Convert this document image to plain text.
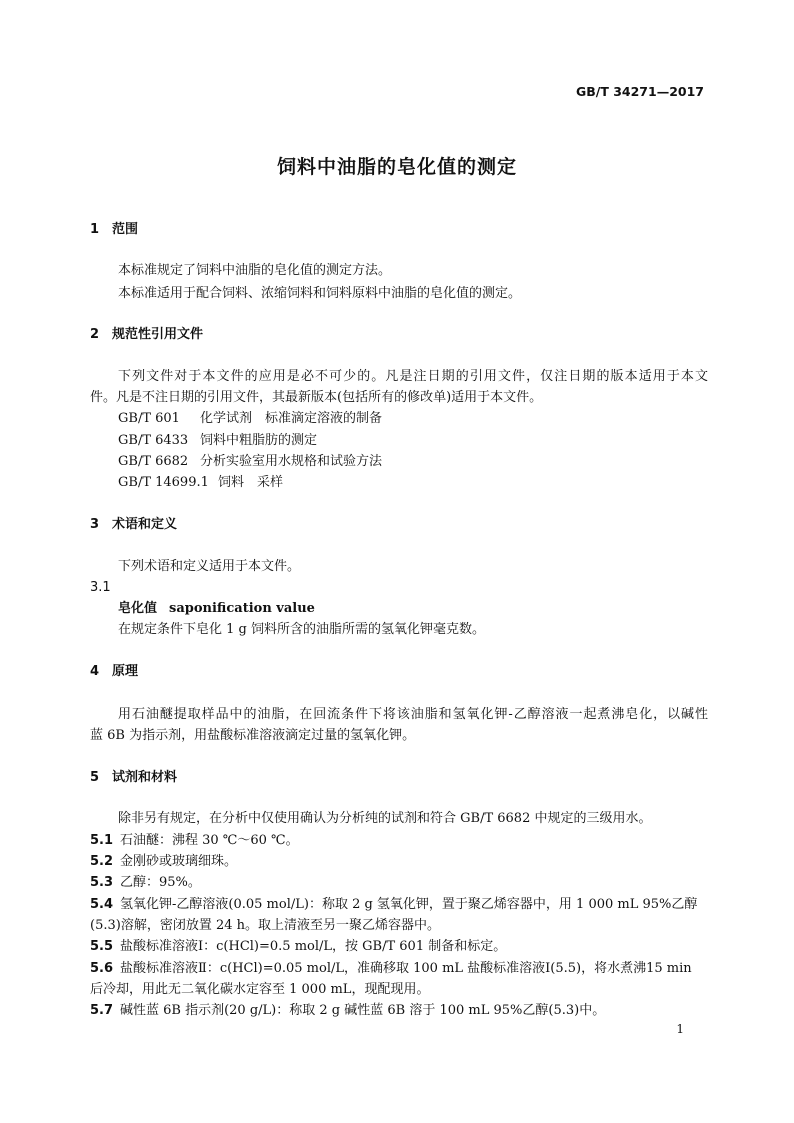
GB/T 34271—2017
饲料中油脂的皂化值的测定
1 范围
本标准规定了饲料中油脂的皂化值的测定方法。
本标准适用于配合饲料、浓缩饲料和饲料原料中油脂的皂化值的测定。
2 规范性引用文件
下列文件对于本文件的应用是必不可少的。凡是注日期的引用文件，仅注日期的版本适用于本文
件。凡是不注日期的引用文件，其最新版本(包括所有的修改单)适用于本文件。
GB/T 601 化学试剂　标准滴定溶液的制备
GB/T 6433 饲料中粗脂肪的测定
GB/T 6682 分析实验室用水规格和试验方法
GB/T 14699.1 饲料　采样
3 术语和定义
下列术语和定义适用于本文件。
3.1
皂化值 saponification value
在规定条件下皂化 1 g 饲料所含的油脂所需的氢氧化钾毫克数。
4 原理
用石油醚提取样品中的油脂，在回流条件下将该油脂和氢氧化钾-乙醇溶液一起煮沸皂化，以碱性
蓝 6B 为指示剂，用盐酸标准溶液滴定过量的氢氧化钾。
5 试剂和材料
除非另有规定，在分析中仅使用确认为分析纯的试剂和符合 GB/T 6682 中规定的三级用水。
5.1 石油醚：沸程 30 ℃～60 ℃。
5.2 金刚砂或玻璃细珠。
5.3 乙醇：95%。
5.4 氢氧化钾-乙醇溶液(0.05 mol/L)：称取 2 g 氢氧化钾，置于聚乙烯容器中，用 1 000 mL 95%乙醇
(5.3)溶解，密闭放置 24 h。取上清液至另一聚乙烯容器中。
5.5 盐酸标准溶液Ⅰ：c(HCl)=0.5 mol/L，按 GB/T 601 制备和标定。
5.6 盐酸标准溶液Ⅱ：c(HCl)=0.05 mol/L，准确移取 100 mL 盐酸标准溶液Ⅰ(5.5)，将水煮沸15 min
后冷却，用此无二氧化碳水定容至 1 000 mL，现配现用。
5.7 碱性蓝 6B 指示剂(20 g/L)：称取 2 g 碱性蓝 6B 溶于 100 mL 95%乙醇(5.3)中。
1
